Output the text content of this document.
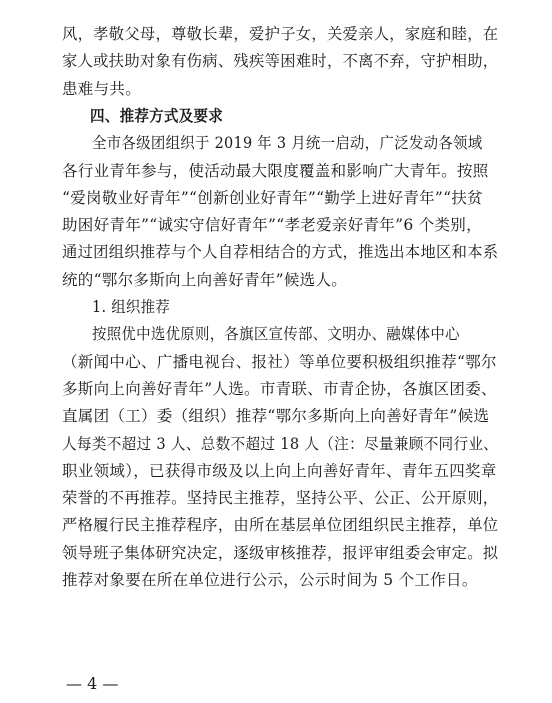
风，孝敬父母，尊敬长辈，爱护子女，关爱亲人，家庭和睦，在
家人或扶助对象有伤病、残疾等困难时，不离不弃，守护相助，
患难与共。
四、推荐方式及要求
全市各级团组织于 2019 年 3 月统一启动，广泛发动各领域
各行业青年参与，使活动最大限度覆盖和影响广大青年。按照
“爱岗敬业好青年”“创新创业好青年”“勤学上进好青年”“扶贫
助困好青年”“诚实守信好青年”“孝老爱亲好青年”6 个类别，
通过团组织推荐与个人自荐相结合的方式，推选出本地区和本系
统的“鄂尔多斯向上向善好青年”候选人。
1. 组织推荐
按照优中选优原则，各旗区宣传部、文明办、融媒体中心
（新闻中心、广播电视台、报社）等单位要积极组织推荐“鄂尔
多斯向上向善好青年”人选。市青联、市青企协，各旗区团委、
直属团（工）委（组织）推荐“鄂尔多斯向上向善好青年”候选
人每类不超过 3 人、总数不超过 18 人（注：尽量兼顾不同行业、
职业领域），已获得市级及以上向上向善好青年、青年五四奖章
荣誉的不再推荐。坚持民主推荐，坚持公平、公正、公开原则，
严格履行民主推荐程序，由所在基层单位团组织民主推荐，单位
领导班子集体研究决定，逐级审核推荐，报评审组委会审定。拟
推荐对象要在所在单位进行公示，公示时间为 5 个工作日。
— 4 —
